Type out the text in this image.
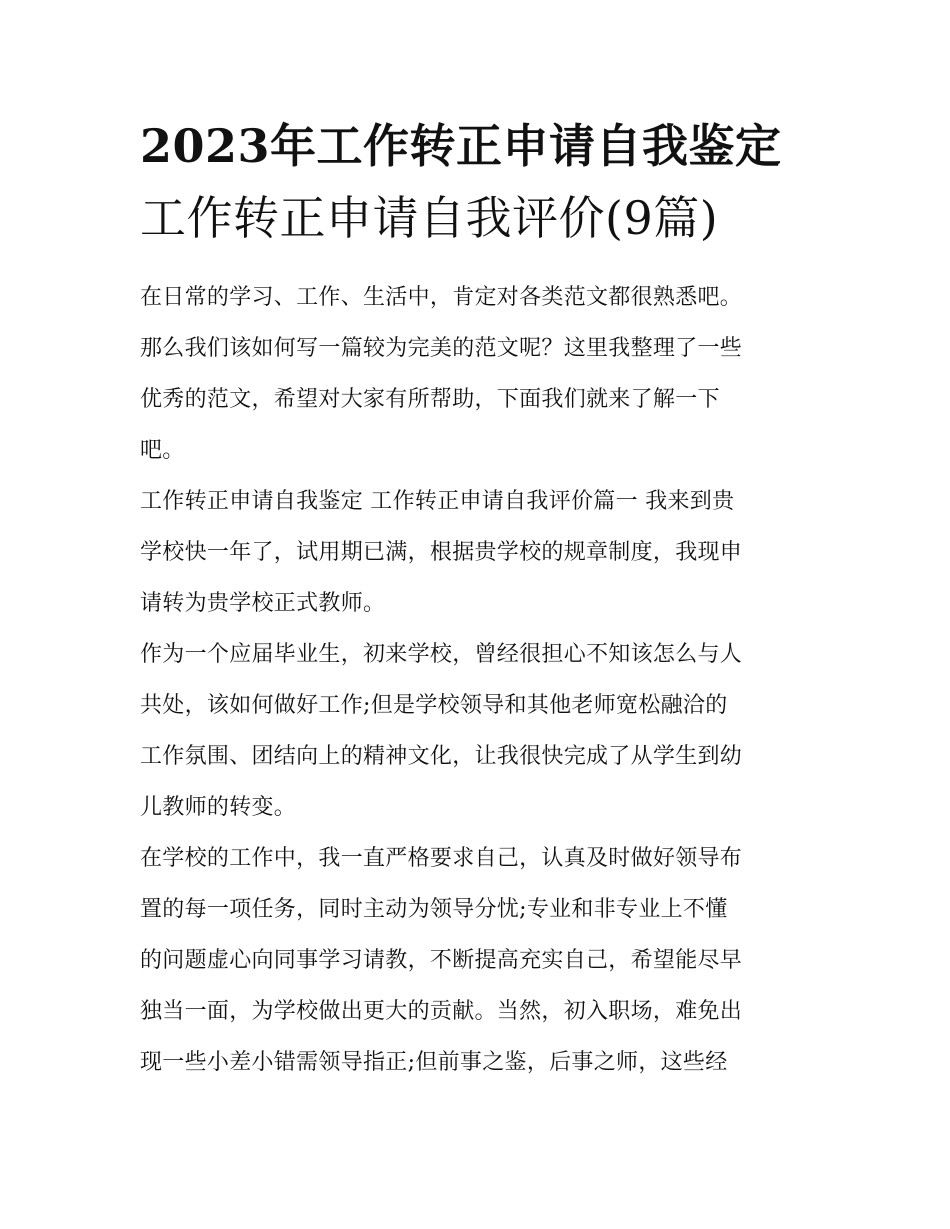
2023年工作转正申请自我鉴定
工作转正申请自我评价(9篇)

在日常的学习、工作、生活中，肯定对各类范文都很熟悉吧。
那么我们该如何写一篇较为完美的范文呢？这里我整理了一些
优秀的范文，希望对大家有所帮助，下面我们就来了解一下
吧。

工作转正申请自我鉴定 工作转正申请自我评价篇一 我来到贵
学校快一年了，试用期已满，根据贵学校的规章制度，我现申
请转为贵学校正式教师。

作为一个应届毕业生，初来学校，曾经很担心不知该怎么与人
共处，该如何做好工作;但是学校领导和其他老师宽松融洽的
工作氛围、团结向上的精神文化，让我很快完成了从学生到幼
儿教师的转变。

在学校的工作中，我一直严格要求自己，认真及时做好领导布
置的每一项任务，同时主动为领导分忧;专业和非专业上不懂
的问题虚心向同事学习请教，不断提高充实自己，希望能尽早
独当一面，为学校做出更大的贡献。当然，初入职场，难免出
现一些小差小错需领导指正;但前事之鉴，后事之师，这些经
